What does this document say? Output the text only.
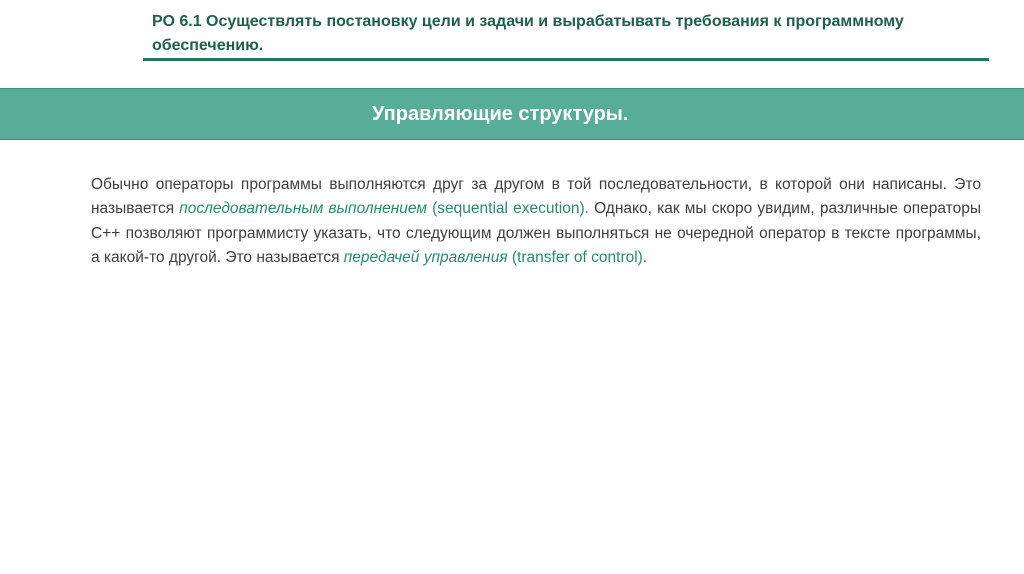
РО 6.1 Осуществлять постановку цели и задачи и вырабатывать требования к программному обеспечению.
Управляющие структуры.

Обычно операторы программы выполняются друг за другом в той последовательности, в которой они написаны. Это называется последовательным выполнением (sequential execution). Однако, как мы скоро увидим, различные операторы C++ позволяют программисту указать, что следующим должен выполняться не очередной оператор в тексте программы, а какой-то другой. Это называется передачей управления (transfer of control).
